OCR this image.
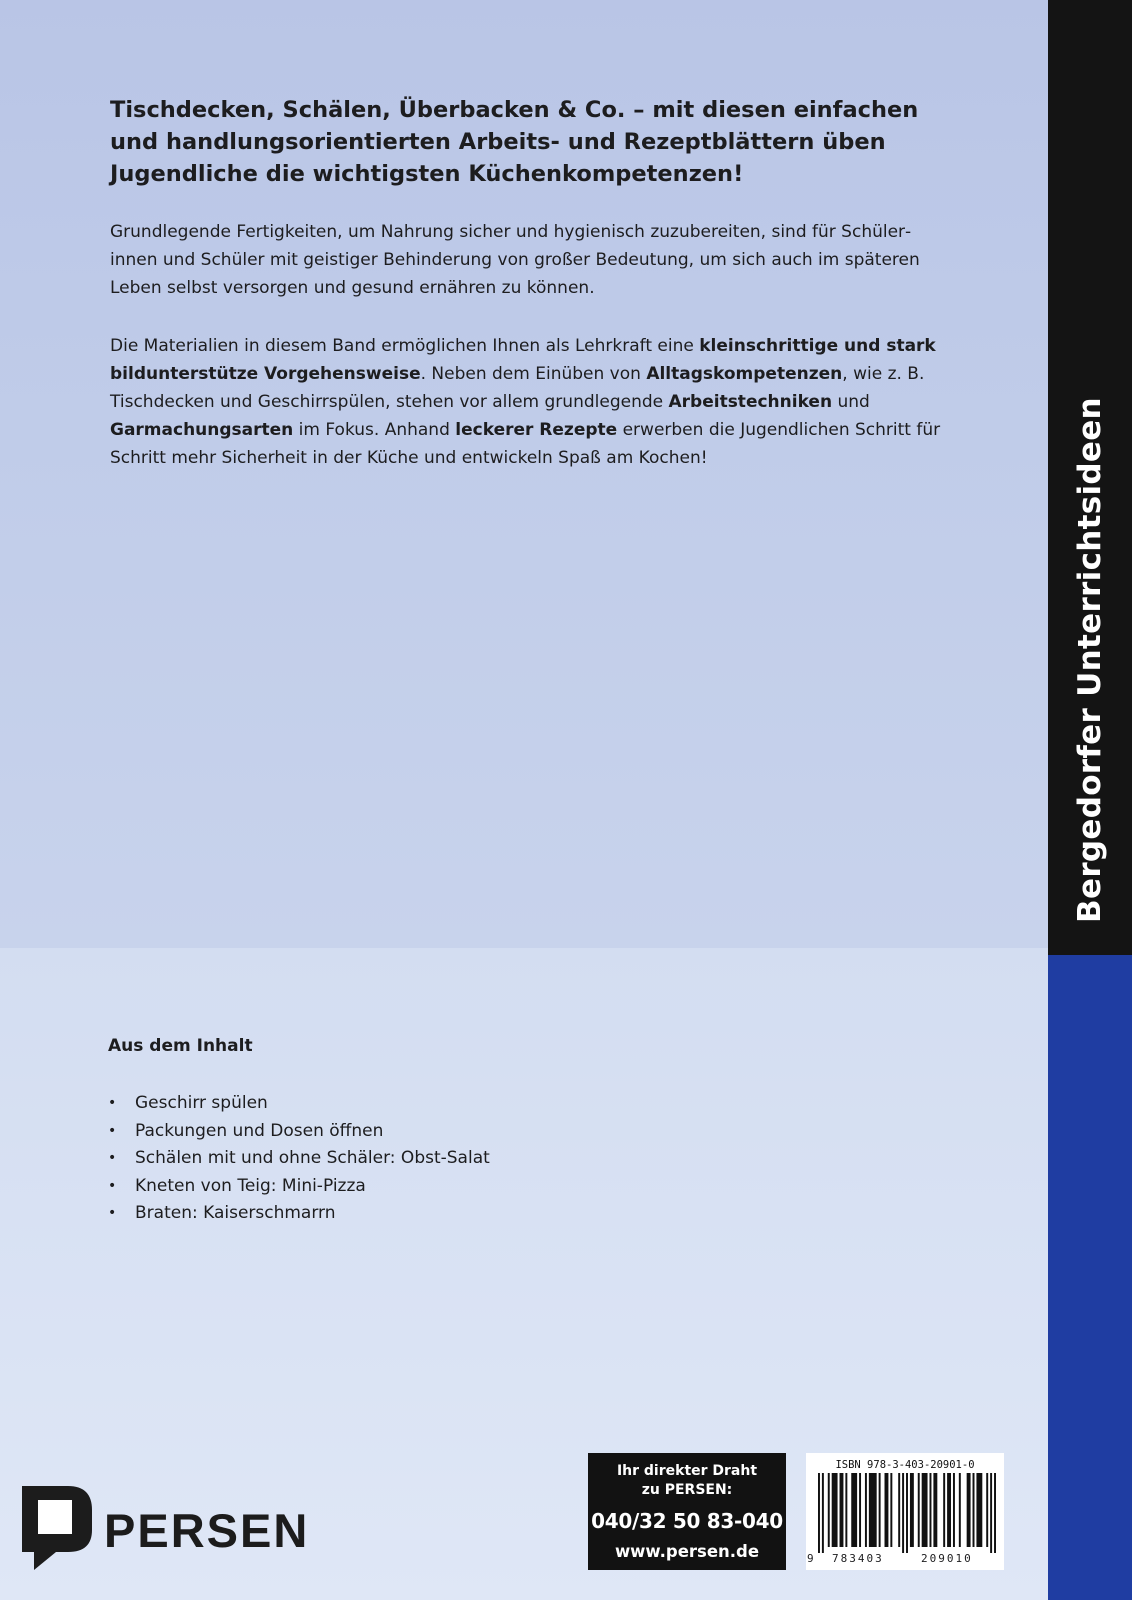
Bergedorfer Unterrichtsideen

Tischdecken, Schälen, Überbacken & Co. – mit diesen einfachen und handlungsorientierten Arbeits- und Rezeptblättern üben Jugendliche die wichtigsten Küchenkompetenzen!

Grundlegende Fertigkeiten, um Nahrung sicher und hygienisch zuzubereiten, sind für Schülerinnen und Schüler mit geistiger Behinderung von großer Bedeutung, um sich auch im späteren Leben selbst versorgen und gesund ernähren zu können.

Die Materialien in diesem Band ermöglichen Ihnen als Lehrkraft eine kleinschrittige und stark bildunterstütze Vorgehensweise. Neben dem Einüben von Alltagskompetenzen, wie z. B. Tischdecken und Geschirrspülen, stehen vor allem grundlegende Arbeitstechniken und Garmachungsarten im Fokus. Anhand leckerer Rezepte erwerben die Jugendlichen Schritt für Schritt mehr Sicherheit in der Küche und entwickeln Spaß am Kochen!

Aus dem Inhalt
• Geschirr spülen
• Packungen und Dosen öffnen
• Schälen mit und ohne Schäler: Obst-Salat
• Kneten von Teig: Mini-Pizza
• Braten: Kaiserschmarrn
PERSEN
Ihr direkter Draht
zu PERSEN:
040/32 50 83-040
www.persen.de
ISBN 978-3-403-20901-0
9 783403	209010
